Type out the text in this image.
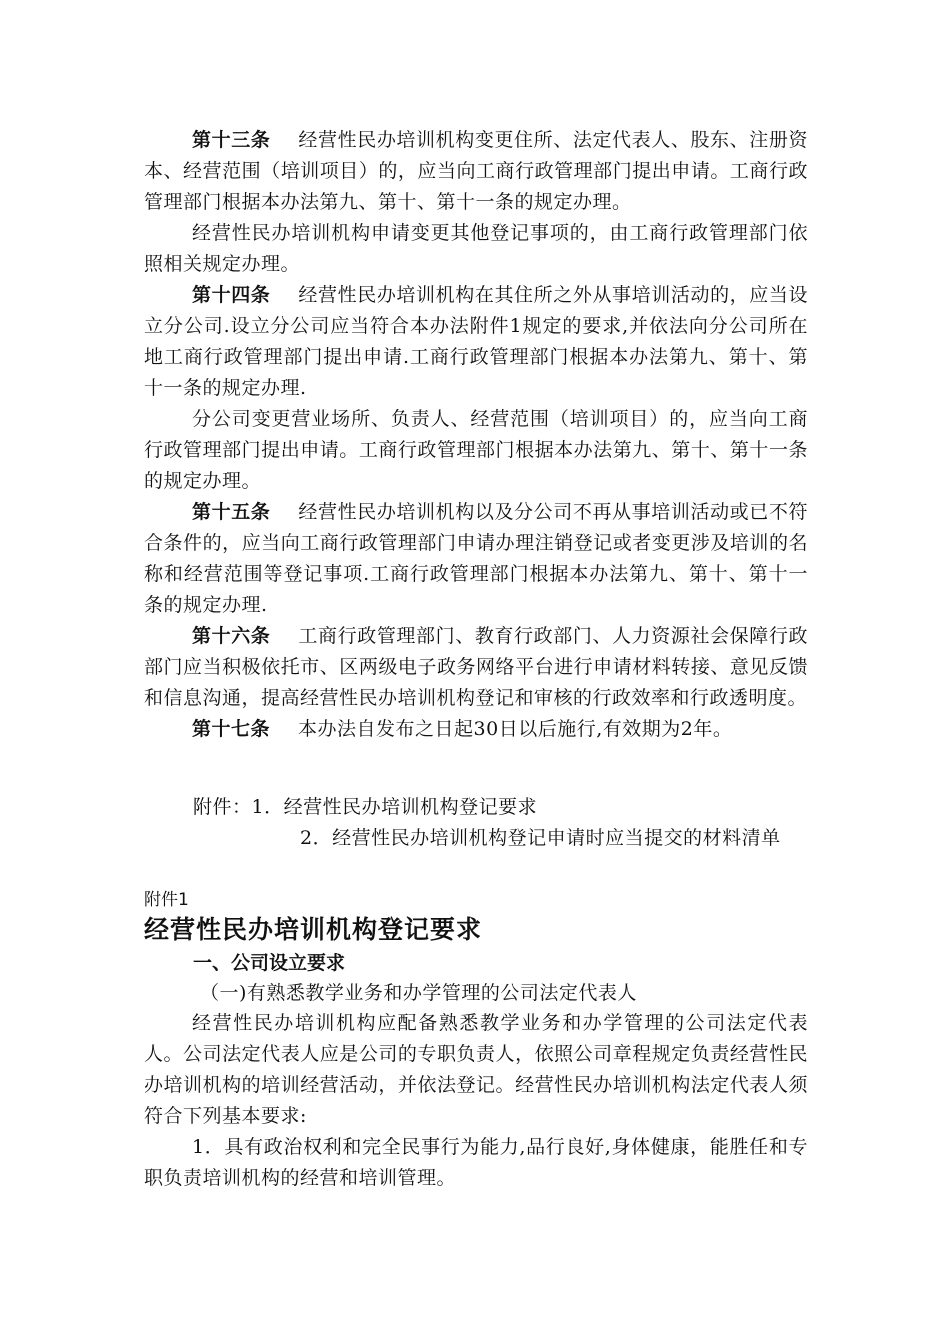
第十三条 经营性民办培训机构变更住所、法定代表人、股东、注册资本、经营范围（培训项目）的，应当向工商行政管理部门提出申请。工商行政管理部门根据本办法第九、第十、第十一条的规定办理。

经营性民办培训机构申请变更其他登记事项的，由工商行政管理部门依照相关规定办理。

第十四条 经营性民办培训机构在其住所之外从事培训活动的，应当设立分公司.设立分公司应当符合本办法附件1规定的要求,并依法向分公司所在地工商行政管理部门提出申请.工商行政管理部门根据本办法第九、第十、第十一条的规定办理.

分公司变更营业场所、负责人、经营范围（培训项目）的，应当向工商行政管理部门提出申请。工商行政管理部门根据本办法第九、第十、第十一条的规定办理。

第十五条 经营性民办培训机构以及分公司不再从事培训活动或已不符合条件的，应当向工商行政管理部门申请办理注销登记或者变更涉及培训的名称和经营范围等登记事项.工商行政管理部门根据本办法第九、第十、第十一条的规定办理.

第十六条 工商行政管理部门、教育行政部门、人力资源社会保障行政部门应当积极依托市、区两级电子政务网络平台进行申请材料转接、意见反馈和信息沟通，提高经营性民办培训机构登记和审核的行政效率和行政透明度。

第十七条 本办法自发布之日起30日以后施行,有效期为2年。

附件：1．经营性民办培训机构登记要求
2．经营性民办培训机构登记申请时应当提交的材料清单
附件1
经营性民办培训机构登记要求
一、公司设立要求
（一)有熟悉教学业务和办学管理的公司法定代表人

经营性民办培训机构应配备熟悉教学业务和办学管理的公司法定代表人。公司法定代表人应是公司的专职负责人，依照公司章程规定负责经营性民办培训机构的培训经营活动，并依法登记。经营性民办培训机构法定代表人须符合下列基本要求:

1．具有政治权利和完全民事行为能力,品行良好,身体健康，能胜任和专职负责培训机构的经营和培训管理。
